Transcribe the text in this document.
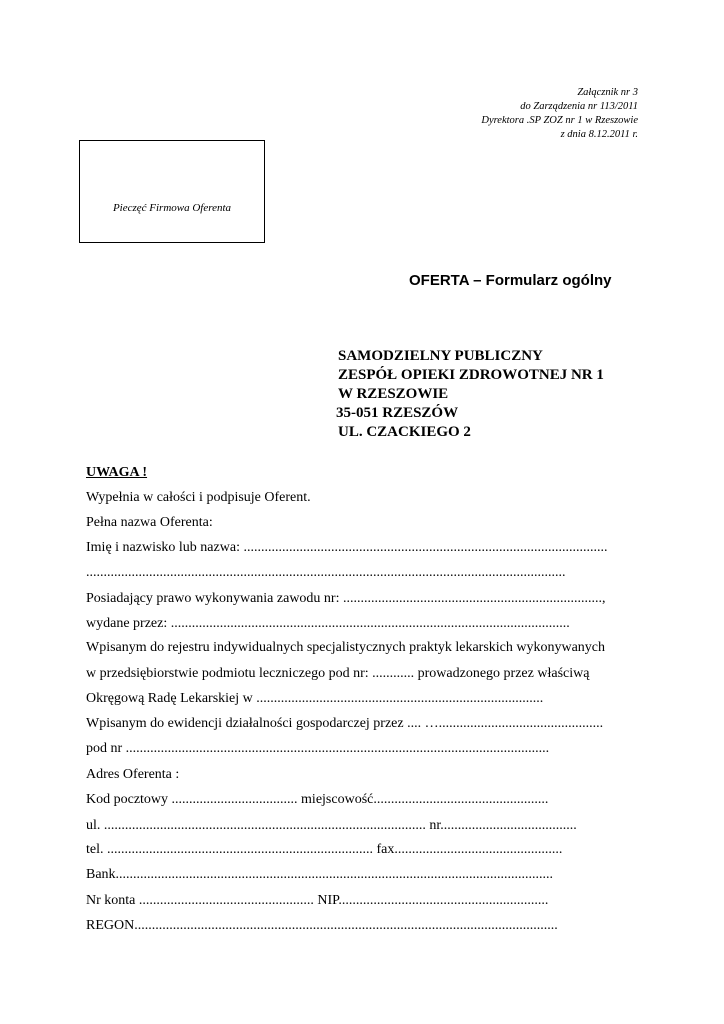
Załącznik nr 3
do Zarządzenia nr 113/2011
Dyrektora .SP ZOZ nr 1 w Rzeszowie
z dnia 8.12.2011 r.
Pieczęć Firmowa Oferenta
OFERTA – Formularz ogólny
SAMODZIELNY PUBLICZNY
ZESPÓŁ OPIEKI ZDROWOTNEJ NR 1
W RZESZOWIE
35-051 RZESZÓW
UL. CZACKIEGO 2
UWAGA !
Wypełnia w całości i podpisuje Oferent.
Pełna nazwa Oferenta:
Imię i nazwisko lub nazwa: ........................................................................................................
.........................................................................................................................................
Posiadający prawo wykonywania zawodu nr: ..........................................................................,
wydane przez: ..................................................................................................................
Wpisanym do rejestru indywidualnych specjalistycznych praktyk lekarskich wykonywanych
w przedsiębiorstwie podmiotu leczniczego pod nr: ............ prowadzonego przez właściwą
Okręgową Radę Lekarskiej w ..................................................................................
Wpisanym do ewidencji działalności gospodarczej przez .... …...............................................
pod nr .........................................................................................................................
Adres Oferenta :
Kod pocztowy .................................... miejscowość..................................................
ul. ............................................................................................ nr.......................................
tel. ............................................................................ fax................................................
Bank.............................................................................................................................
Nr konta .................................................. NIP............................................................
REGON.........................................................................................................................
